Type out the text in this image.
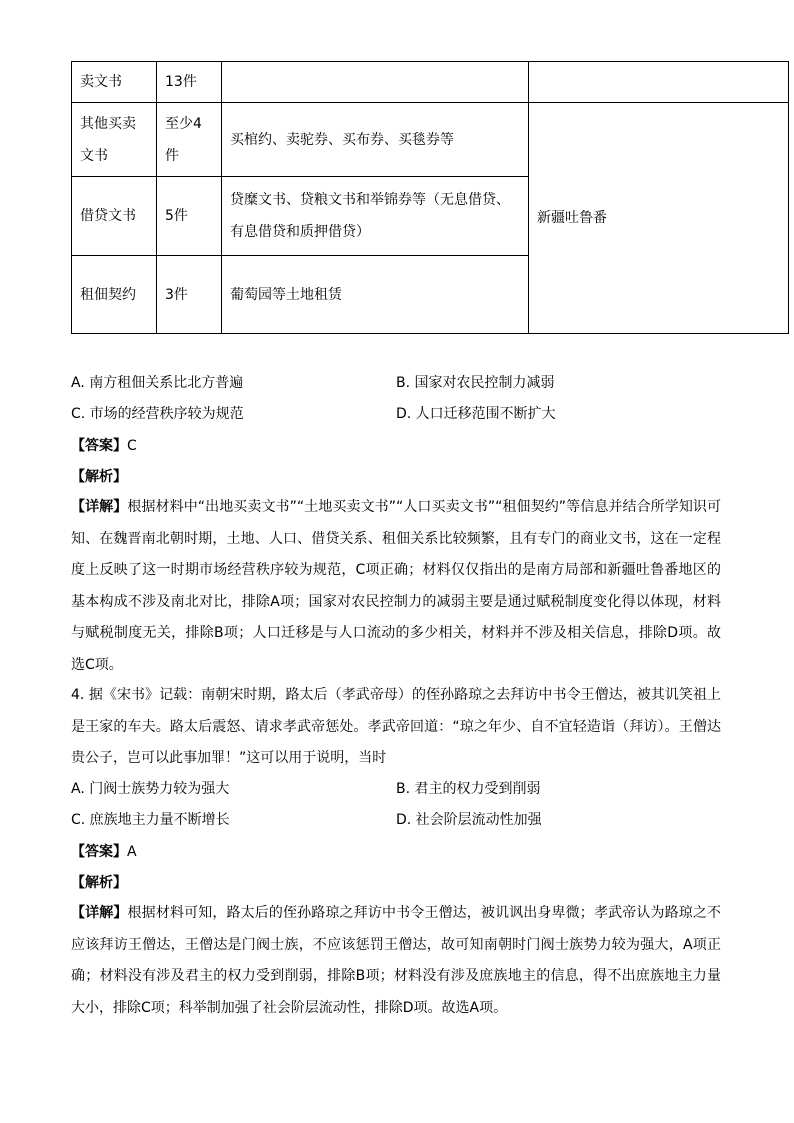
卖文书	13件		
其他买卖文书	至少4件	买棺约、卖驼券、买布券、买毯券等	新疆吐鲁番
借贷文书	5件	贷糜文书、贷粮文书和举锦券等（无息借贷、有息借贷和质押借贷）	
租佃契约	3件	葡萄园等土地租赁	
A. 南方租佃关系比北方普遍	B. 国家对农民控制力减弱
C. 市场的经营秩序较为规范	D. 人口迁移范围不断扩大
【答案】C
【解析】
【详解】根据材料中“出地买卖文书”“土地买卖文书”“人口买卖文书”“租佃契约”等信息并结合所学知识可知、在魏晋南北朝时期，土地、人口、借贷关系、租佃关系比较频繁，且有专门的商业文书，这在一定程度上反映了这一时期市场经营秩序较为规范，C项正确；材料仅仅指出的是南方局部和新疆吐鲁番地区的基本构成不涉及南北对比，排除A项；国家对农民控制力的减弱主要是通过赋税制度变化得以体现，材料与赋税制度无关，排除B项；人口迁移是与人口流动的多少相关，材料并不涉及相关信息，排除D项。故选C项。
4. 据《宋书》记载：南朝宋时期，路太后（孝武帝母）的侄孙路琼之去拜访中书令王僧达，被其讥笑祖上是王家的车夫。路太后震怒、请求孝武帝惩处。孝武帝回道：“琼之年少、自不宜轻造诣（拜访）。王僧达贵公子，岂可以此事加罪！”这可以用于说明，当时
A. 门阀士族势力较为强大	B. 君主的权力受到削弱
C. 庶族地主力量不断增长	D. 社会阶层流动性加强
【答案】A
【解析】
【详解】根据材料可知，路太后的侄孙路琼之拜访中书令王僧达，被讥讽出身卑微；孝武帝认为路琼之不应该拜访王僧达，王僧达是门阀士族，不应该惩罚王僧达，故可知南朝时门阀士族势力较为强大，A项正确；材料没有涉及君主的权力受到削弱，排除B项；材料没有涉及庶族地主的信息，得不出庶族地主力量大小，排除C项；科举制加强了社会阶层流动性，排除D项。故选A项。
